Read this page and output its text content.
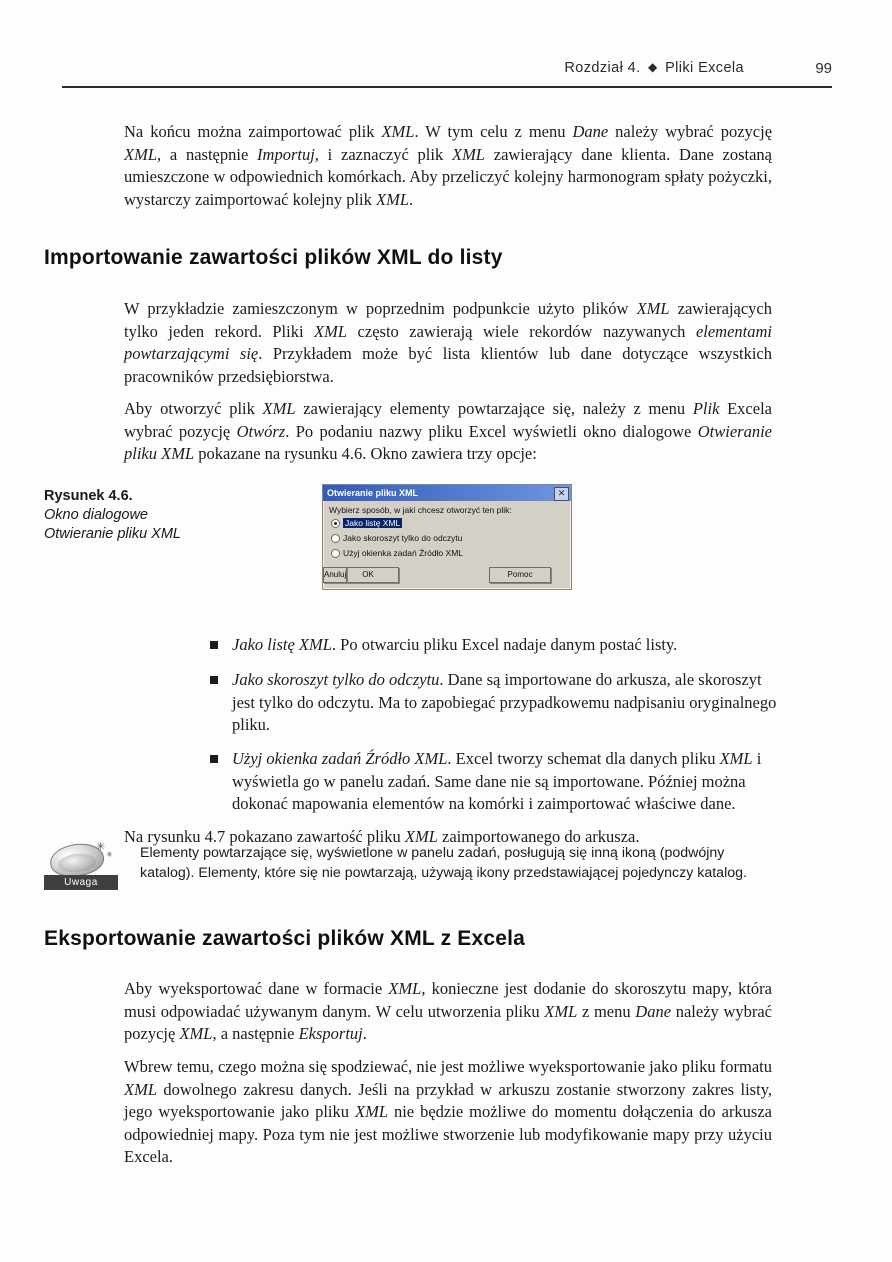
Rozdział 4. ◆ Pliki Excela	99
Na końcu można zaimportować plik XML. W tym celu z menu Dane należy wybrać pozycję XML, a następnie Importuj, i zaznaczyć plik XML zawierający dane klienta. Dane zostaną umieszczone w odpowiednich komórkach. Aby przeliczyć kolejny harmonogram spłaty pożyczki, wystarczy zaimportować kolejny plik XML.
Importowanie zawartości plików XML do listy
W przykładzie zamieszczonym w poprzednim podpunkcie użyto plików XML zawierających tylko jeden rekord. Pliki XML często zawierają wiele rekordów nazywanych elementami powtarzającymi się. Przykładem może być lista klientów lub dane dotyczące wszystkich pracowników przedsiębiorstwa.
Aby otworzyć plik XML zawierający elementy powtarzające się, należy z menu Plik Excela wybrać pozycję Otwórz. Po podaniu nazwy pliku Excel wyświetli okno dialogowe Otwieranie pliku XML pokazane na rysunku 4.6. Okno zawiera trzy opcje:
Rysunek 4.6.
Okno dialogowe
Otwieranie pliku XML
Otwieranie pliku XML	✕
Wybierz sposób, w jaki chcesz otworzyć ten plik:
Jako listę XML
Jako skoroszyt tylko do odczytu
Użyj okienka zadań Źródło XML
OK
Anuluj	Pomoc
Jako listę XML. Po otwarciu pliku Excel nadaje danym postać listy.
Jako skoroszyt tylko do odczytu. Dane są importowane do arkusza, ale skoroszyt jest tylko do odczytu. Ma to zapobiegać przypadkowemu nadpisaniu oryginalnego pliku.
Użyj okienka zadań Źródło XML. Excel tworzy schemat dla danych pliku XML i wyświetla go w panelu zadań. Same dane nie są importowane. Później można dokonać mapowania elementów na komórki i zaimportować właściwe dane.
Na rysunku 4.7 pokazano zawartość pliku XML zaimportowanego do arkusza.
✳
✳
Uwaga
Elementy powtarzające się, wyświetlone w panelu zadań, posługują się inną ikoną (podwójny katalog). Elementy, które się nie powtarzają, używają ikony przedstawiającej pojedynczy katalog.
Eksportowanie zawartości plików XML z Excela
Aby wyeksportować dane w formacie XML, konieczne jest dodanie do skoroszytu mapy, która musi odpowiadać używanym danym. W celu utworzenia pliku XML z menu Dane należy wybrać pozycję XML, a następnie Eksportuj.
Wbrew temu, czego można się spodziewać, nie jest możliwe wyeksportowanie jako pliku formatu XML dowolnego zakresu danych. Jeśli na przykład w arkuszu zostanie stworzony zakres listy, jego wyeksportowanie jako pliku XML nie będzie możliwe do momentu dołączenia do arkusza odpowiedniej mapy. Poza tym nie jest możliwe stworzenie lub modyfikowanie mapy przy użyciu Excela.
